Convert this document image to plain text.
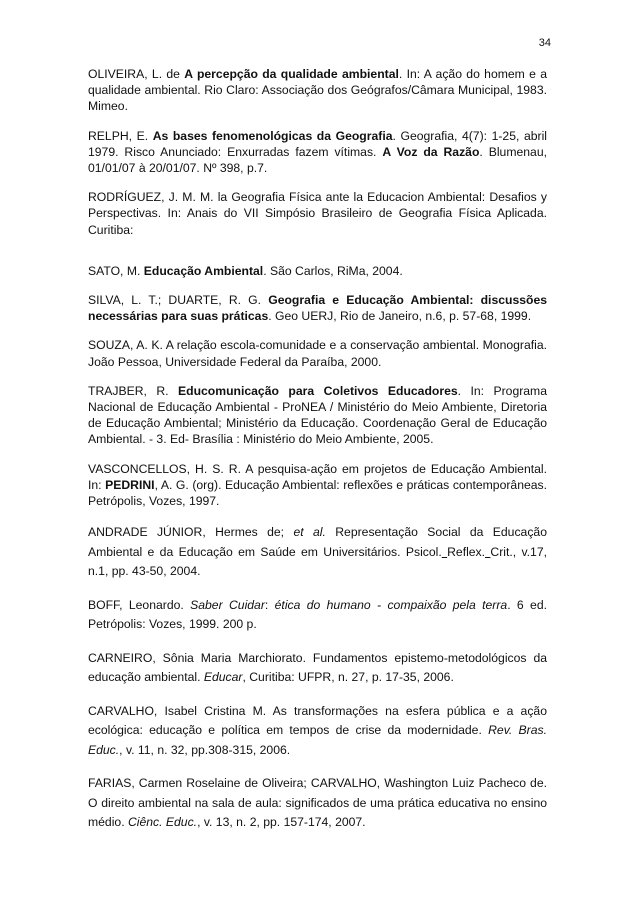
34

OLIVEIRA, L. de A percepção da qualidade ambiental. In: A ação do homem e a qualidade ambiental. Rio Claro: Associação dos Geógrafos/Câmara Municipal, 1983. Mimeo.

RELPH, E. As bases fenomenológicas da Geografia. Geografia, 4(7): 1-25, abril 1979. Risco Anunciado: Enxurradas fazem vítimas. A Voz da Razão. Blumenau, 01/01/07 à 20/01/07. Nº 398, p.7.

RODRÍGUEZ, J. M. M. la Geografia Física ante la Educacion Ambiental: Desafios y Perspectivas. In: Anais do VII Simpósio Brasileiro de Geografia Física Aplicada. Curitiba:

SATO, M. Educação Ambiental. São Carlos, RiMa, 2004.

SILVA, L. T.; DUARTE, R. G. Geografia e Educação Ambiental: discussões necessárias para suas práticas. Geo UERJ, Rio de Janeiro, n.6, p. 57-68, 1999.

SOUZA, A. K. A relação escola-comunidade e a conservação ambiental. Monografia. João Pessoa, Universidade Federal da Paraíba, 2000.

TRAJBER, R. Educomunicação para Coletivos Educadores. In: Programa Nacional de Educação Ambiental - ProNEA / Ministério do Meio Ambiente, Diretoria de Educação Ambiental; Ministério da Educação. Coordenação Geral de Educação Ambiental. - 3. Ed- Brasília : Ministério do Meio Ambiente, 2005.

VASCONCELLOS, H. S. R. A pesquisa-ação em projetos de Educação Ambiental. In: PEDRINI, A. G. (org). Educação Ambiental: reflexões e práticas contemporâneas. Petrópolis, Vozes, 1997.

ANDRADE JÚNIOR, Hermes de; et al. Representação Social da Educação Ambiental e da Educação em Saúde em Universitários. Psicol. Reflex. Crit., v.17, n.1, pp. 43-50, 2004.

BOFF, Leonardo. Saber Cuidar: ética do humano - compaixão pela terra. 6 ed. Petrópolis: Vozes, 1999. 200 p.

CARNEIRO, Sônia Maria Marchiorato. Fundamentos epistemo-metodológicos da educação ambiental. Educar, Curitiba: UFPR, n. 27, p. 17-35, 2006.

CARVALHO, Isabel Cristina M. As transformações na esfera pública e a ação ecológica: educação e política em tempos de crise da modernidade. Rev. Bras. Educ., v. 11, n. 32, pp.308-315, 2006.

FARIAS, Carmen Roselaine de Oliveira; CARVALHO, Washington Luiz Pacheco de. O direito ambiental na sala de aula: significados de uma prática educativa no ensino médio. Ciênc. Educ., v. 13, n. 2, pp. 157-174, 2007.
